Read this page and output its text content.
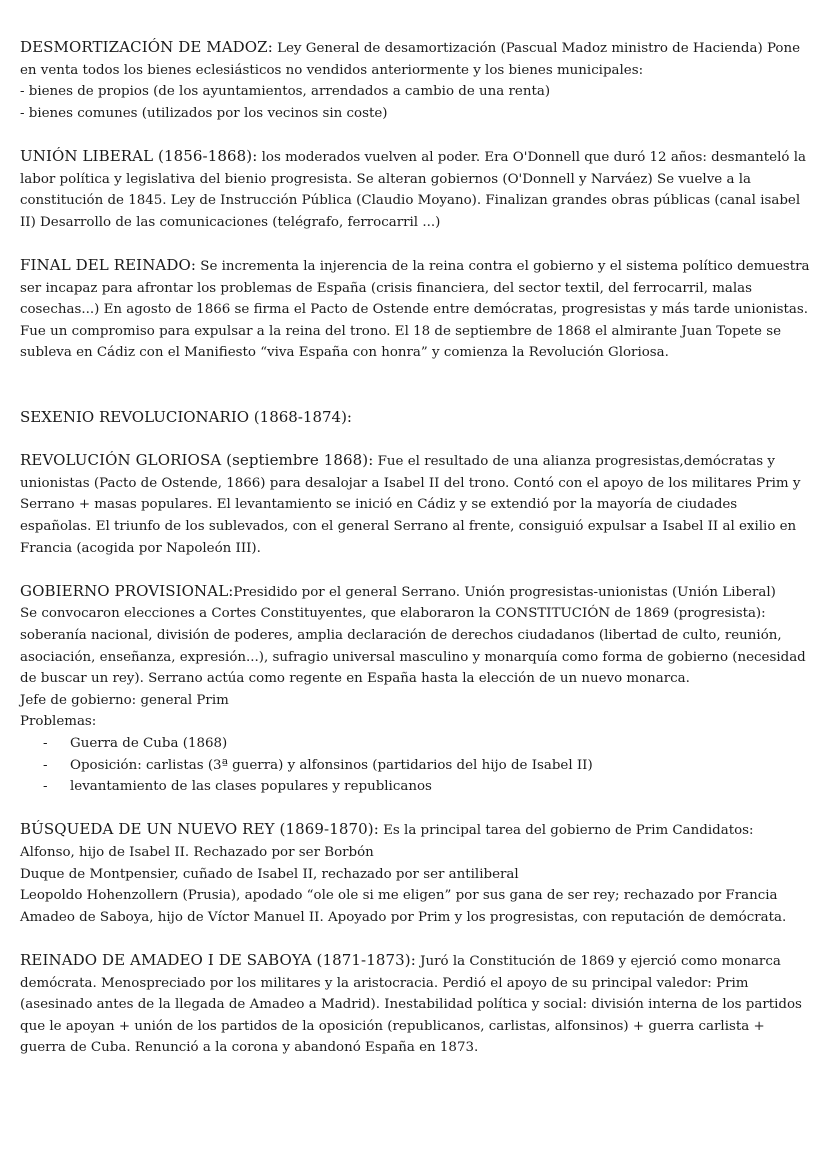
DESMORTIZACIÓN DE MADOZ: Ley General de desamortización (Pascual Madoz ministro de Hacienda) Pone en venta todos los bienes eclesiásticos no vendidos anteriormente y los bienes municipales:

- bienes de propios (de los ayuntamientos, arrendados a cambio de una renta)

- bienes comunes (utilizados por los vecinos sin coste)

UNIÓN LIBERAL (1856-1868): los moderados vuelven al poder. Era O'Donnell que duró 12 años: desmanteló la labor política y legislativa del bienio progresista. Se alteran gobiernos (O'Donnell y Narváez) Se vuelve a la constitución de 1845. Ley de Instrucción Pública (Claudio Moyano). Finalizan grandes obras públicas (canal isabel II) Desarrollo de las comunicaciones (telégrafo, ferrocarril ...)

FINAL DEL REINADO: Se incrementa la injerencia de la reina contra el gobierno y el sistema político demuestra ser incapaz para afrontar los problemas de España (crisis financiera, del sector textil, del ferrocarril, malas cosechas...) En agosto de 1866 se firma el Pacto de Ostende entre demócratas, progresistas y más tarde unionistas. Fue un compromiso para expulsar a la reina del trono. El 18 de septiembre de 1868 el almirante Juan Topete se subleva en Cádiz con el Manifiesto “viva España con honra” y comienza la Revolución Gloriosa.

SEXENIO REVOLUCIONARIO (1868-1874):

REVOLUCIÓN GLORIOSA (septiembre 1868): Fue el resultado de una alianza progresistas,demócratas y unionistas (Pacto de Ostende, 1866) para desalojar a Isabel II del trono. Contó con el apoyo de los militares Prim y Serrano + masas populares. El levantamiento se inició en Cádiz y se extendió por la mayoría de ciudades españolas. El triunfo de los sublevados, con el general Serrano al frente, consiguió expulsar a Isabel II al exilio en Francia (acogida por Napoleón III).

GOBIERNO PROVISIONAL:Presidido por el general Serrano. Unión progresistas-unionistas (Unión Liberal)

Se convocaron elecciones a Cortes Constituyentes, que elaboraron la CONSTITUCIÓN de 1869 (progresista): soberanía nacional, división de poderes, amplia declaración de derechos ciudadanos (libertad de culto, reunión, asociación, enseñanza, expresión...), sufragio universal masculino y monarquía como forma de gobierno (necesidad de buscar un rey). Serrano actúa como regente en España hasta la elección de un nuevo monarca.

Jefe de gobierno: general Prim

Problemas:

- Guerra de Cuba (1868)
- Oposición: carlistas (3ª guerra) y alfonsinos (partidarios del hijo de Isabel II)
- levantamiento de las clases populares y republicanos

BÚSQUEDA DE UN NUEVO REY (1869-1870): Es la principal tarea del gobierno de Prim Candidatos:

Alfonso, hijo de Isabel II. Rechazado por ser Borbón

Duque de Montpensier, cuñado de Isabel II, rechazado por ser antiliberal

Leopoldo Hohenzollern (Prusia), apodado “ole ole si me eligen” por sus gana de ser rey; rechazado por Francia

Amadeo de Saboya, hijo de Víctor Manuel II. Apoyado por Prim y los progresistas, con reputación de demócrata.

REINADO DE AMADEO I DE SABOYA (1871-1873): Juró la Constitución de 1869 y ejerció como monarca demócrata. Menospreciado por los militares y la aristocracia. Perdió el apoyo de su principal valedor: Prim (asesinado antes de la llegada de Amadeo a Madrid). Inestabilidad política y social: división interna de los partidos que le apoyan + unión de los partidos de la oposición (republicanos, carlistas, alfonsinos) + guerra carlista + guerra de Cuba. Renunció a la corona y abandonó España en 1873.
